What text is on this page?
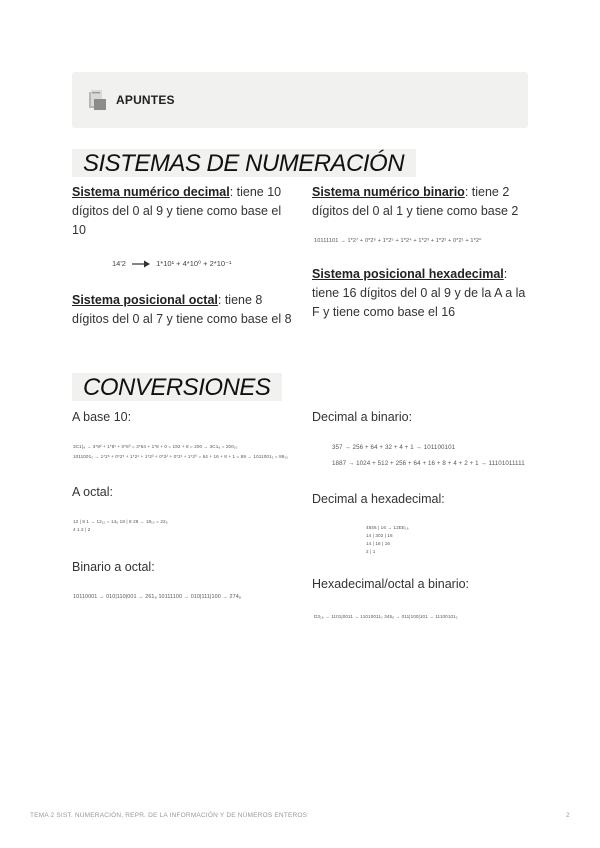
APUNTES
SISTEMAS DE NUMERACIÓN
Sistema numérico decimal: tiene 10 dígitos del 0 al 9 y tiene como base el 10
14'2	1*10¹ + 4*10⁰ + 2*10⁻¹
Sistema posicional octal: tiene 8 dígitos del 0 al 7 y tiene como base el 8
Sistema numérico binario: tiene 2 dígitos del 0 al 1 y tiene como base 2
10111101 → 1*2⁷ + 0*2⁶ + 1*2⁵ + 1*2⁴ + 1*2³ + 1*2² + 0*2¹ + 1*2⁰
Sistema posicional hexadecimal: tiene 16 dígitos del 0 al 9 y de la A a la F y tiene como base el 16
CONVERSIONES
A base 10:
3C1)₈ → 3*8² + 1*8¹ + 0*8⁰ = 3*64 + 1*8 + 0 = 192 + 8 = 200 → 3C1₈ = 200₁₀
1011001₂ → 1*2⁶ + 0*2⁵ + 1*2⁴ + 1*2³ + 0*2² + 0*2¹ + 1*2⁰ = 64 + 16 + 8 + 1 = 89 → 1011001₂ = 89₁₀
A octal:
12 | 8 1 → 12₁₀ = 14₈ 18 | 8 28 → 18₁₀ = 22₈
4 1 2 | 2
Binario a octal:
10110001 → 010|110|001 → 261₈ 10111100 → 010|111|100 → 274₈
Decimal a binario:
357 → 256 + 64 + 32 + 4 + 1 → 101100101
1887 → 1024 + 512 + 256 + 64 + 16 + 8 + 4 + 2 + 1 → 11101011111
Decimal a hexadecimal:
4846 | 16 → 12EE₁₆
14 | 302 | 16
14 | 18 | 16
2 | 1
Hexadecimal/octal a binario:
D3₁₆ → 1101|0011 → 11010011₂ 345₈ → 011|100|101 → 11100101₂
TEMA 2 SIST. NUMERACIÓN, REPR. DE LA INFORMACIÓN Y DE NÚMEROS ENTEROS	2
